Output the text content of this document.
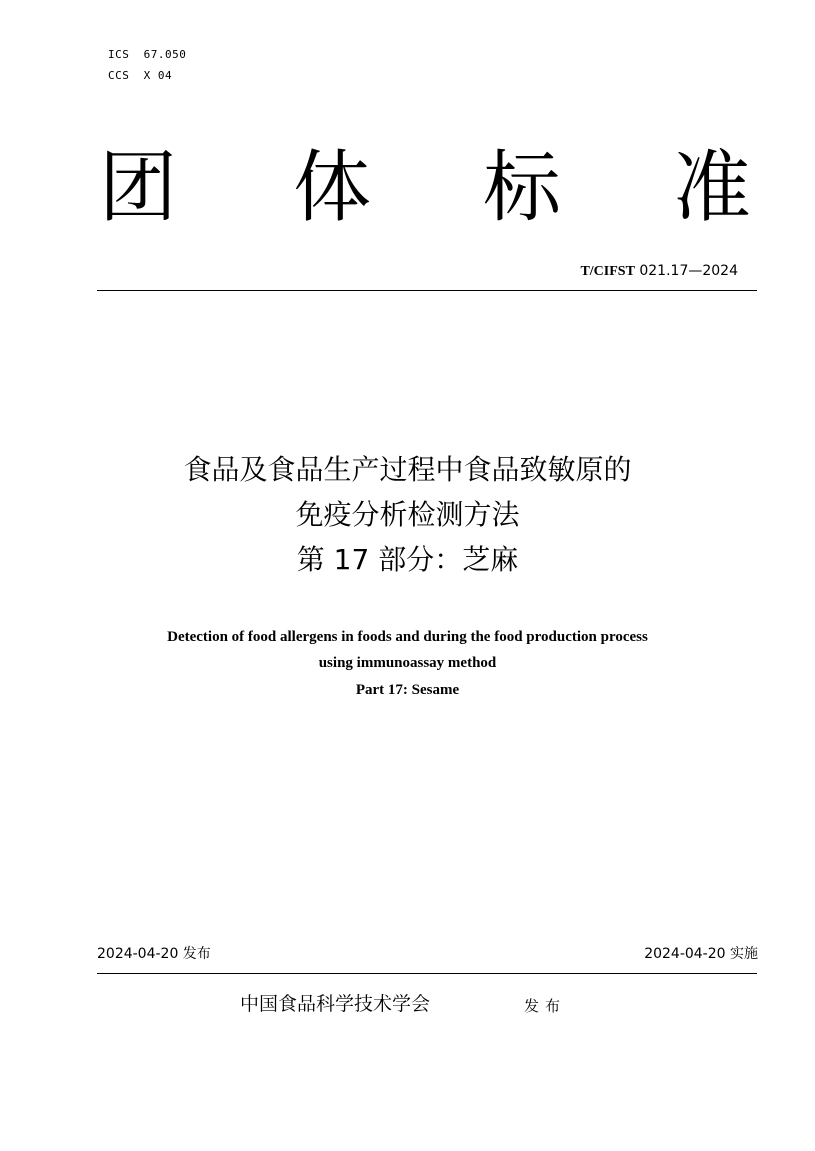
ICS  67.050
CCS  X 04
团 体 标 准
T/CIFST 021.17—2024
食品及食品生产过程中食品致敏原的
免疫分析检测方法
第 17 部分：芝麻
Detection of food allergens in foods and during the food production process
using immunoassay method
Part 17: Sesame
2024-04-20 发布	2024-04-20 实施
中国食品科学技术学会	发布
